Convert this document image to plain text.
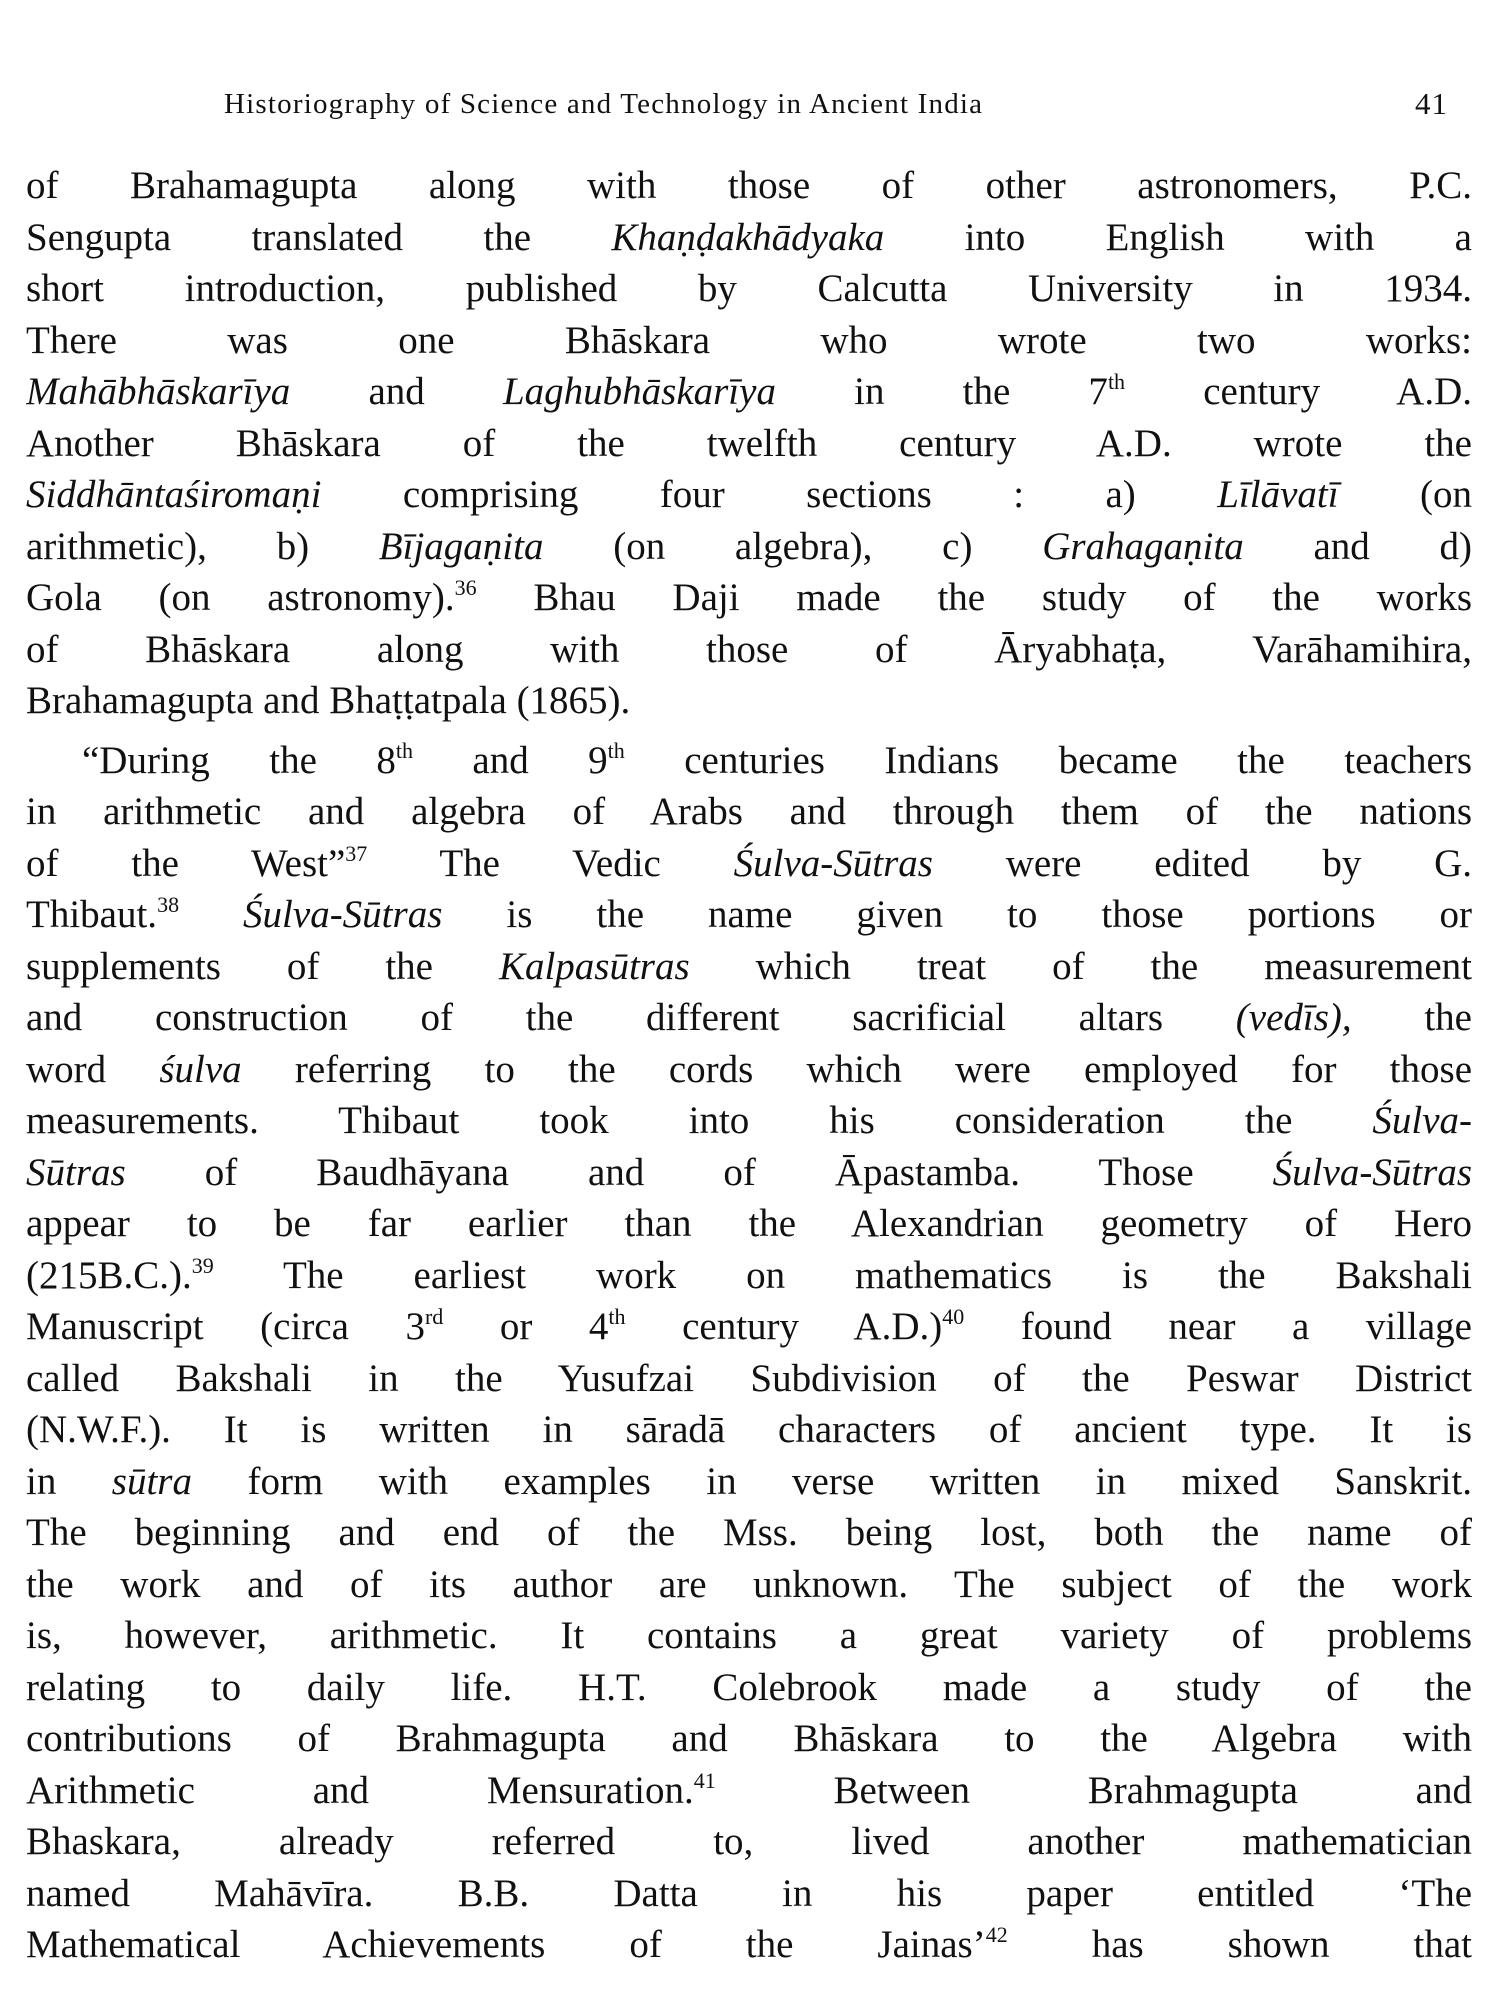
Historiography of Science and Technology in Ancient India	41
of Brahamagupta along with those of other astronomers, P.C.
Sengupta translated the Khaṇḍakhādyaka into English with a
short introduction, published by Calcutta University in 1934.
There was one Bhāskara who wrote two works:
Mahābhāskarīya and Laghubhāskarīya in the 7th century A.D.
Another Bhāskara of the twelfth century A.D. wrote the
Siddhāntaśiromaṇi comprising four sections : a) Līlāvatī (on
arithmetic), b) Bījagaṇita (on algebra), c) Grahagaṇita and d)
Gola (on astronomy).$^{36}$ Bhau Daji made the study of the works
of Bhāskara along with those of Āryabhaṭa, Varāhamihira,
Brahamagupta and Bhaṭṭatpala (1865).
“During the 8th and 9th centuries Indians became the teachers
in arithmetic and algebra of Arabs and through them of the nations
of the West”$^{37}$ The Vedic Śulva-Sūtras were edited by G.
Thibaut.$^{38}$ Śulva-Sūtras is the name given to those portions or
supplements of the Kalpasūtras which treat of the measurement
and construction of the different sacrificial altars (vedīs), the
word śulva referring to the cords which were employed for those
measurements. Thibaut took into his consideration the Śulva-
Sūtras of Baudhāyana and of Āpastamba. Those Śulva-Sūtras
appear to be far earlier than the Alexandrian geometry of Hero
(215B.C.).$^{39}$ The earliest work on mathematics is the Bakshali
Manuscript (circa 3rd or 4th century A.D.)$^{40}$ found near a village
called Bakshali in the Yusufzai Subdivision of the Peswar District
(N.W.F.). It is written in sāradā characters of ancient type. It is
in sūtra form with examples in verse written in mixed Sanskrit.
The beginning and end of the Mss. being lost, both the name of
the work and of its author are unknown. The subject of the work
is, however, arithmetic. It contains a great variety of problems
relating to daily life. H.T. Colebrook made a study of the
contributions of Brahmagupta and Bhāskara to the Algebra with
Arithmetic and Mensuration.$^{41}$ Between Brahmagupta and
Bhaskara, already referred to, lived another mathematician
named Mahāvīra. B.B. Datta in his paper entitled ‘The
Mathematical Achievements of the Jainas’$^{42}$ has shown that
